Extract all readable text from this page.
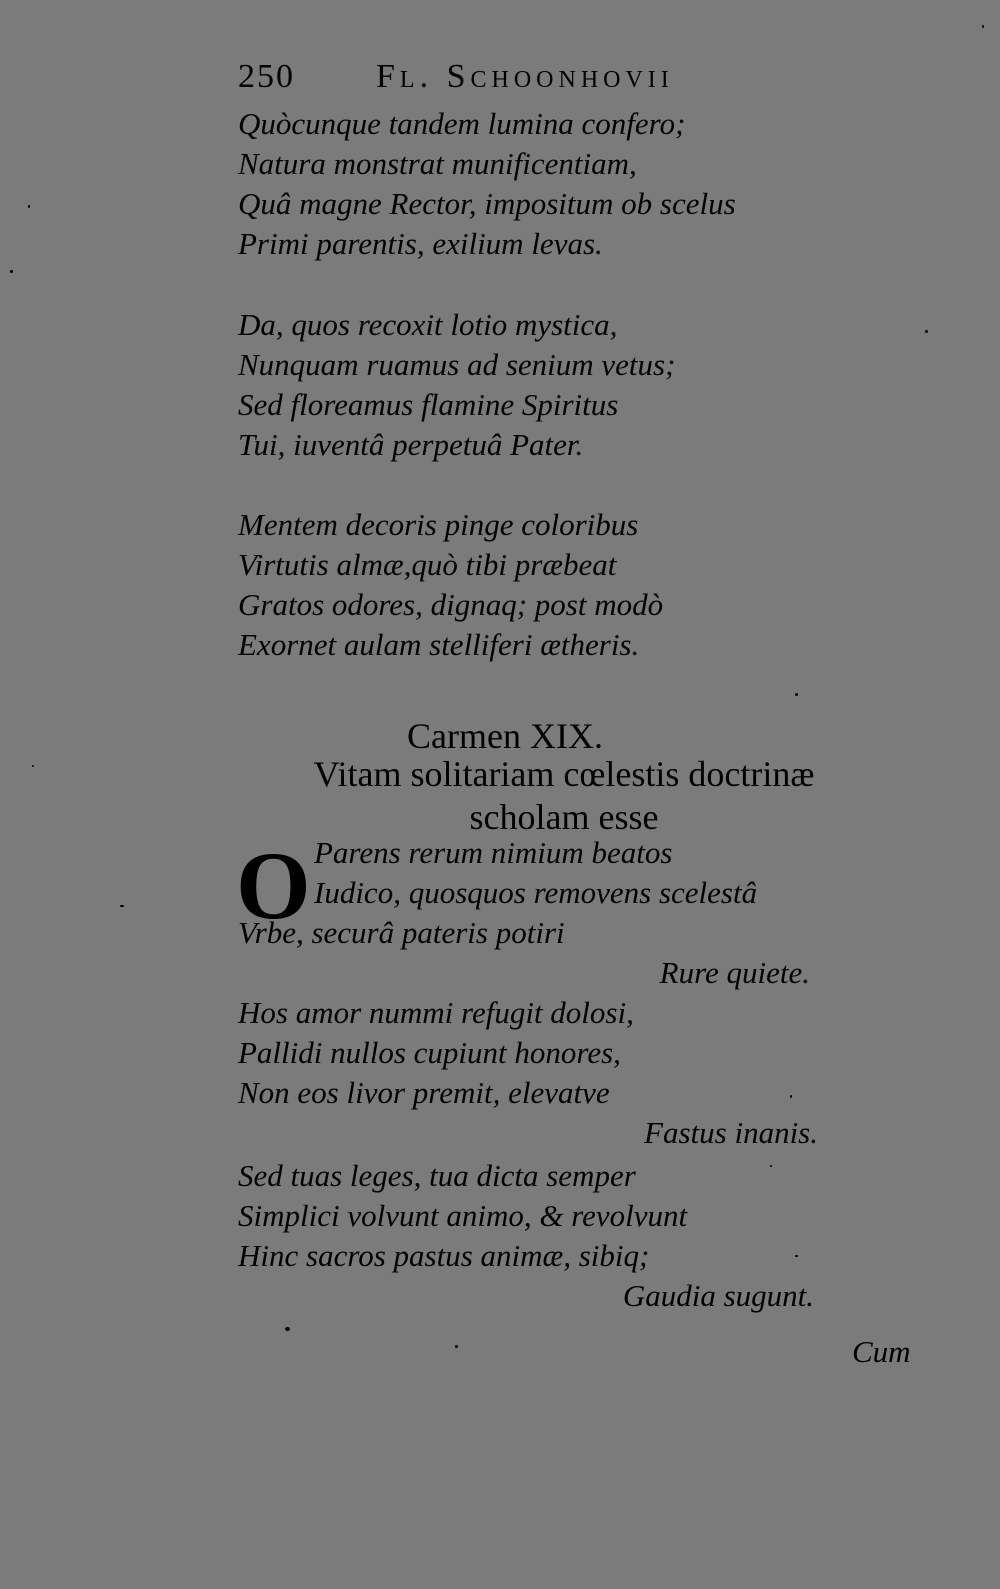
250 Fl. Schoonhovii
Quòcunque tandem lumina confero;
Natura monstrat munificentiam,
Quâ magne Rector, impositum ob scelus
Primi parentis, exilium levas.
Da, quos recoxit lotio mystica,
Nunquam ruamus ad senium vetus;
Sed floreamus flamine Spiritus
Tui, iuventâ perpetuâ Pater.
Mentem decoris pinge coloribus
Virtutis almæ,quò tibi præbeat
Gratos odores, dignaq; post modò
Exornet aulam stelliferi ætheris.
Carmen XIX.
Vitam solitariam cœlestis doctrinæ
scholam esse
O Parens rerum nimium beatos
Iudico, quosquos removens scelestâ
Vrbe, securâ pateris potiri
Rure quiete.
Hos amor nummi refugit dolosi,
Pallidi nullos cupiunt honores,
Non eos livor premit, elevatve
Fastus inanis.
Sed tuas leges, tua dicta semper
Simplici volvunt animo, & revolvunt
Hinc sacros pastus animæ, sibiq;
Gaudia sugunt.
Cum
